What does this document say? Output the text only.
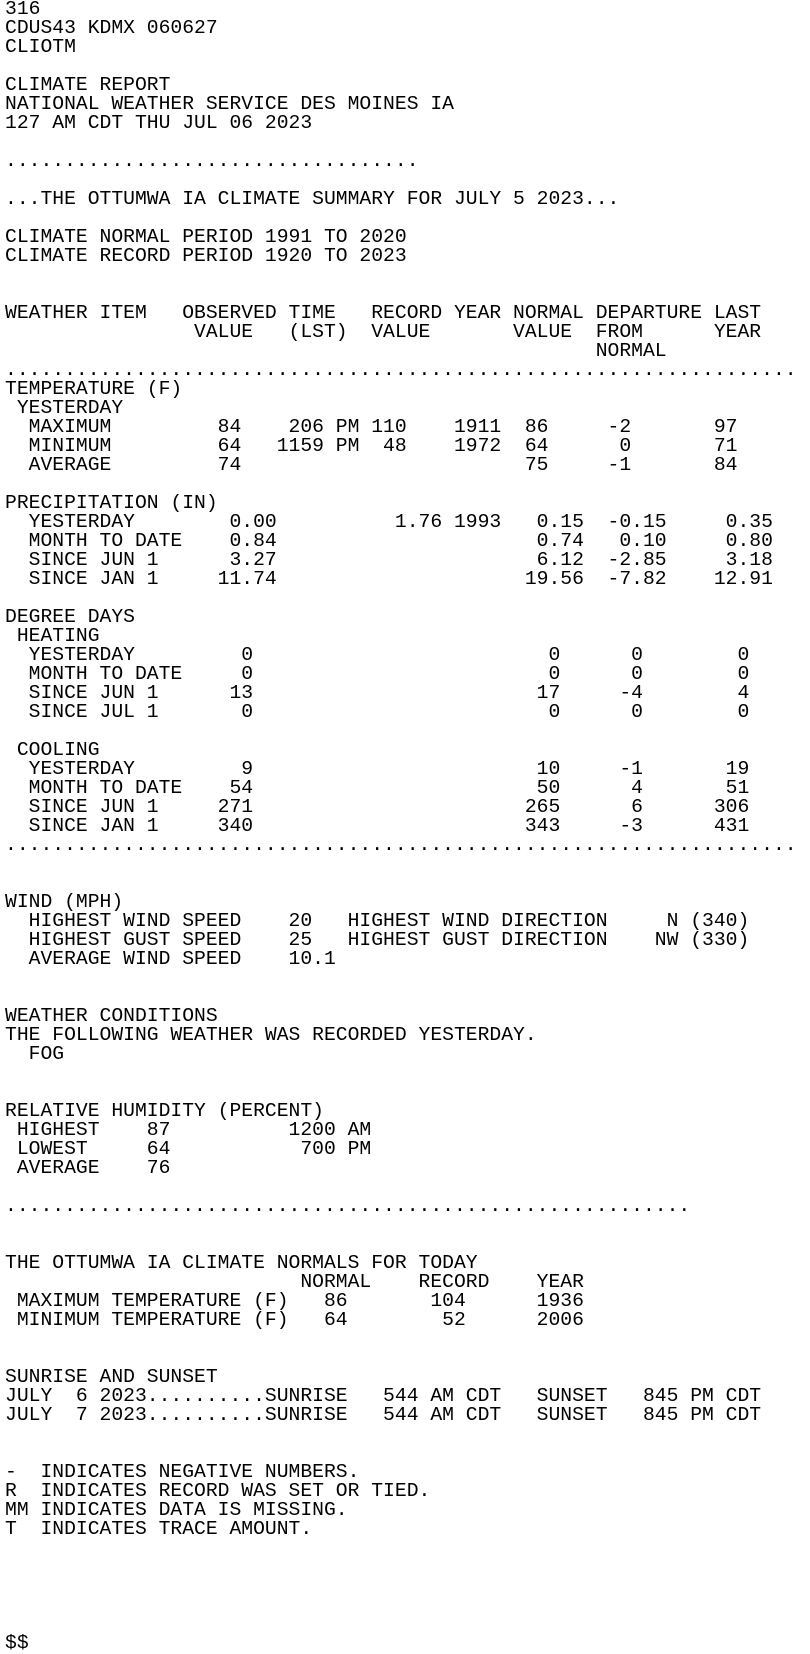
316
CDUS43 KDMX 060627
CLIOTM
CLIMATE REPORT
NATIONAL WEATHER SERVICE DES MOINES IA
127 AM CDT THU JUL 06 2023
...................................
...THE OTTUMWA IA CLIMATE SUMMARY FOR JULY 5 2023...
CLIMATE NORMAL PERIOD 1991 TO 2020
CLIMATE RECORD PERIOD 1920 TO 2023
WEATHER ITEM   OBSERVED TIME   RECORD YEAR NORMAL DEPARTURE LAST
VALUE   (LST)  VALUE       VALUE  FROM      YEAR
NORMAL
...................................................................
TEMPERATURE (F)
YESTERDAY
MAXIMUM         84    206 PM 110    1911  86     -2       97
MINIMUM         64   1159 PM  48    1972  64      0       71
AVERAGE         74                        75     -1       84
PRECIPITATION (IN)
YESTERDAY        0.00          1.76 1993   0.15  -0.15     0.35
MONTH TO DATE    0.84                      0.74   0.10     0.80
SINCE JUN 1      3.27                      6.12  -2.85     3.18
SINCE JAN 1     11.74                     19.56  -7.82    12.91
DEGREE DAYS
HEATING
YESTERDAY         0                         0      0        0
MONTH TO DATE     0                         0      0        0
SINCE JUN 1      13                        17     -4        4
SINCE JUL 1       0                         0      0        0
COOLING
YESTERDAY         9                        10     -1       19
MONTH TO DATE    54                        50      4       51
SINCE JUN 1     271                       265      6      306
SINCE JAN 1     340                       343     -3      431
...................................................................
WIND (MPH)
HIGHEST WIND SPEED    20   HIGHEST WIND DIRECTION     N (340)
HIGHEST GUST SPEED    25   HIGHEST GUST DIRECTION    NW (330)
AVERAGE WIND SPEED    10.1
WEATHER CONDITIONS
THE FOLLOWING WEATHER WAS RECORDED YESTERDAY.
FOG
RELATIVE HUMIDITY (PERCENT)
HIGHEST    87          1200 AM
LOWEST     64           700 PM
AVERAGE    76
..........................................................
THE OTTUMWA IA CLIMATE NORMALS FOR TODAY
NORMAL    RECORD    YEAR
MAXIMUM TEMPERATURE (F)   86       104      1936
MINIMUM TEMPERATURE (F)   64        52      2006
SUNRISE AND SUNSET
JULY  6 2023..........SUNRISE   544 AM CDT   SUNSET   845 PM CDT
JULY  7 2023..........SUNRISE   544 AM CDT   SUNSET   845 PM CDT
-  INDICATES NEGATIVE NUMBERS.
R  INDICATES RECORD WAS SET OR TIED.
MM INDICATES DATA IS MISSING.
T  INDICATES TRACE AMOUNT.
$$
